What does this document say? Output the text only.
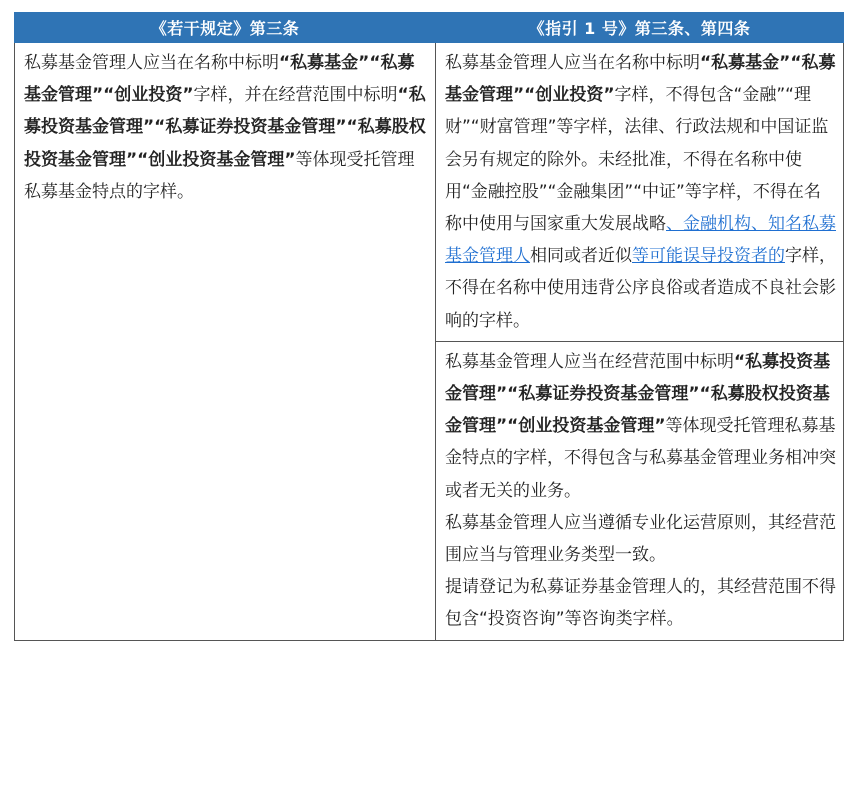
《若干规定》第三条	《指引 1 号》第三条、第四条
私募基金管理人应当在名称中标明“私募基金”“私募基金管理”“创业投资”字样，并在经营范围中标明“私募投资基金管理”“私募证券投资基金管理”“私募股权投资基金管理”“创业投资基金管理”等体现受托管理私募基金特点的字样。	私募基金管理人应当在名称中标明“私募基金”“私募基金管理”“创业投资”字样，不得包含“金融”“理财”“财富管理”等字样，法律、行政法规和中国证监会另有规定的除外。未经批准，不得在名称中使用“金融控股”“金融集团”“中证”等字样，不得在名称中使用与国家重大发展战略、金融机构、知名私募基金管理人相同或者近似等可能误导投资者的字样，不得在名称中使用违背公序良俗或者造成不良社会影响的字样。

	私募基金管理人应当在经营范围中标明“私募投资基金管理”“私募证券投资基金管理”“私募股权投资基金管理”“创业投资基金管理”等体现受托管理私募基金特点的字样，不得包含与私募基金管理业务相冲突或者无关的业务。

私募基金管理人应当遵循专业化运营原则，其经营范围应当与管理业务类型一致。

提请登记为私募证券基金管理人的，其经营范围不得包含“投资咨询”等咨询类字样。
